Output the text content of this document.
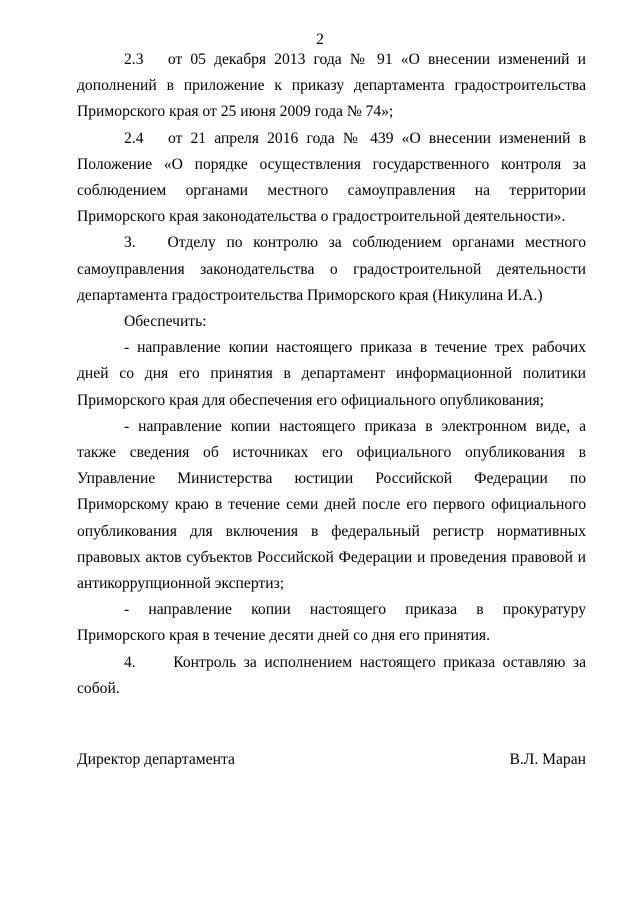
2

2.3   от 05 декабря 2013 года № 91 «О внесении изменений и дополнений в приложение к приказу департамента градостроительства Приморского края от 25 июня 2009 года № 74»;

2.4   от 21 апреля 2016 года № 439 «О внесении изменений в Положение «О порядке осуществления государственного контроля за соблюдением органами местного самоуправления на территории Приморского края законодательства о градостроительной деятельности».

3.   Отделу по контролю за соблюдением органами местного самоуправления законодательства о градостроительной деятельности

департамента градостроительства Приморского края (Никулина И.А.)

Обеспечить:

- направление копии настоящего приказа в течение трех рабочих дней со дня его принятия в департамент информационной политики Приморского края для обеспечения его официального опубликования;

- направление копии настоящего приказа в электронном виде, а также сведения об источниках его официального опубликования в Управление Министерства юстиции Российской Федерации по Приморскому краю в течение семи дней после его первого официального опубликования для включения в федеральный регистр нормативных правовых актов субъектов Российской Федерации и проведения правовой и антикоррупционной экспертиз;

- направление копии настоящего приказа в прокуратуру Приморского края в течение десяти дней со дня его принятия.

4.     Контроль за исполнением настоящего приказа оставляю за собой.

Директор департамента	В.Л. Маран
